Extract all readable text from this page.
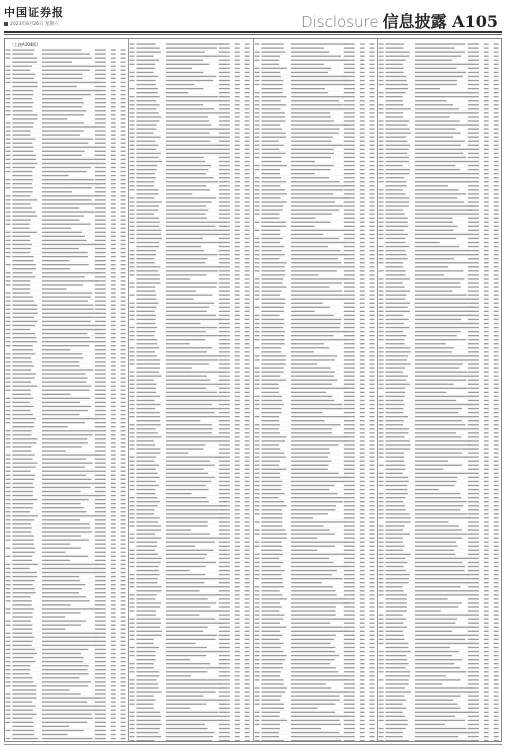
中国证券报
2023年8月26日 星期六	Disclosure 信息披露 A105
（上接A104版）
